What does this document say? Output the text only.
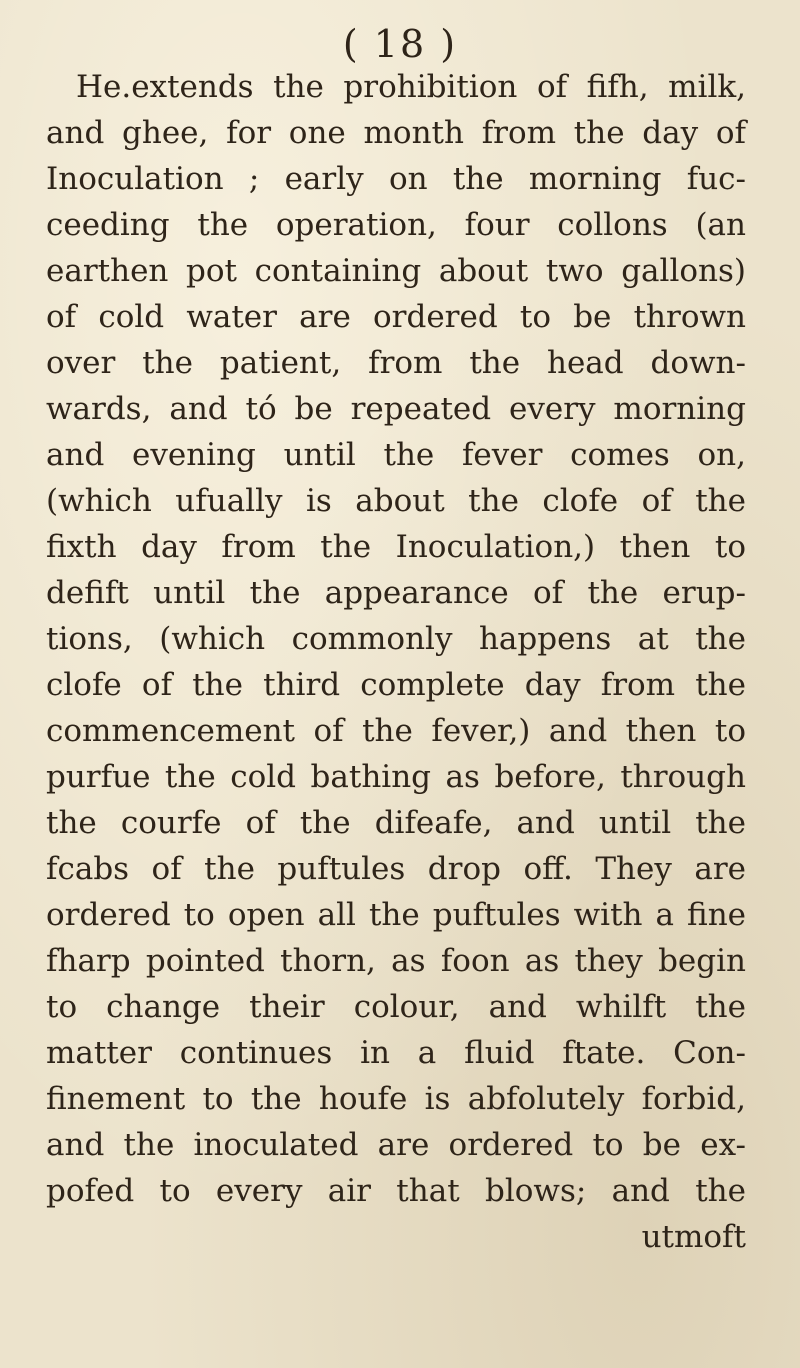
( 18 )
He.extends the prohibition of fifh, milk,
and ghee, for one month from the day of
Inoculation ; early on the morning fuc-
ceeding the operation, four collons (an
earthen pot containing about two gallons)
of cold water are ordered to be thrown
over the patient, from the head down-
wards, and tó be repeated every morning
and evening until the fever comes on,
(which ufually is about the clofe of the
fixth day from the Inoculation,) then to
defift until the appearance of the erup-
tions, (which commonly happens at the
clofe of the third complete day from the
commencement of the fever,) and then to
purfue the cold bathing as before, through
the courfe of the difeafe, and until the
fcabs of the puftules drop off. They are
ordered to open all the puftules with a fine
fharp pointed thorn, as foon as they begin
to change their colour, and whilft the
matter continues in a fluid ftate. Con-
finement to the houfe is abfolutely forbid,
and the inoculated are ordered to be ex-
pofed to every air that blows; and the
utmoft
